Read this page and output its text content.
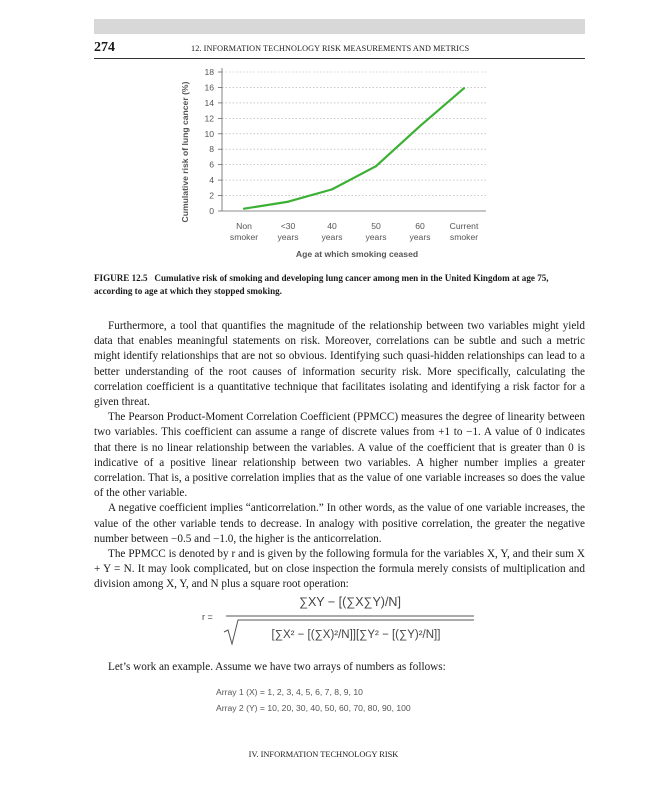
274	12. INFORMATION TECHNOLOGY RISK MEASUREMENTS AND METRICS
0
2
4
6
8
10
12
14
16
18
Non
smoker
<30
years
40
years
50
years
60
years
Current
smoker
Cumulative risk of lung cancer (%)
Age at which smoking ceased
FIGURE 12.5 Cumulative risk of smoking and developing lung cancer among men in the United Kingdom at age 75, according to age at which they stopped smoking.

Furthermore, a tool that quantifies the magnitude of the relationship between two variables might yield data that enables meaningful statements on risk. Moreover, correlations can be subtle and such a metric might identify relationships that are not so obvious. Identifying such quasi-hidden relationships can lead to a better understanding of the root causes of information security risk. More specifically, calculating the correlation coefficient is a quantitative technique that facilitates isolating and identifying a risk factor for a given threat.

The Pearson Product-Moment Correlation Coefficient (PPMCC) measures the degree of linearity between two variables. This coefficient can assume a range of discrete values from +1 to −1. A value of 0 indicates that there is no linear relationship between the variables. A value of the coefficient that is greater than 0 is indicative of a positive linear relationship between two variables. A higher number implies a greater correlation. That is, a positive correlation implies that as the value of one variable increases so does the value of the other variable.

A negative coefficient implies “anticorrelation.” In other words, as the value of one variable increases, the value of the other variable tends to decrease. In analogy with positive correlation, the greater the negative number between −0.5 and −1.0, the higher is the anticorrelation.

The PPMCC is denoted by r and is given by the following formula for the variables X, Y, and their sum X + Y = N. It may look complicated, but on close inspection the formula merely consists of multiplication and division among X, Y, and N plus a square root operation:

r =
∑XY − [(∑X∑Y)/N]
[∑X² − [(∑X)²/N]][∑Y² − [(∑Y)²/N]]
Let’s work an example. Assume we have two arrays of numbers as follows:
Array 1 (X) = 1, 2, 3, 4, 5, 6, 7, 8, 9, 10
Array 2 (Y) = 10, 20, 30, 40, 50, 60, 70, 80, 90, 100
IV. INFORMATION TECHNOLOGY RISK
